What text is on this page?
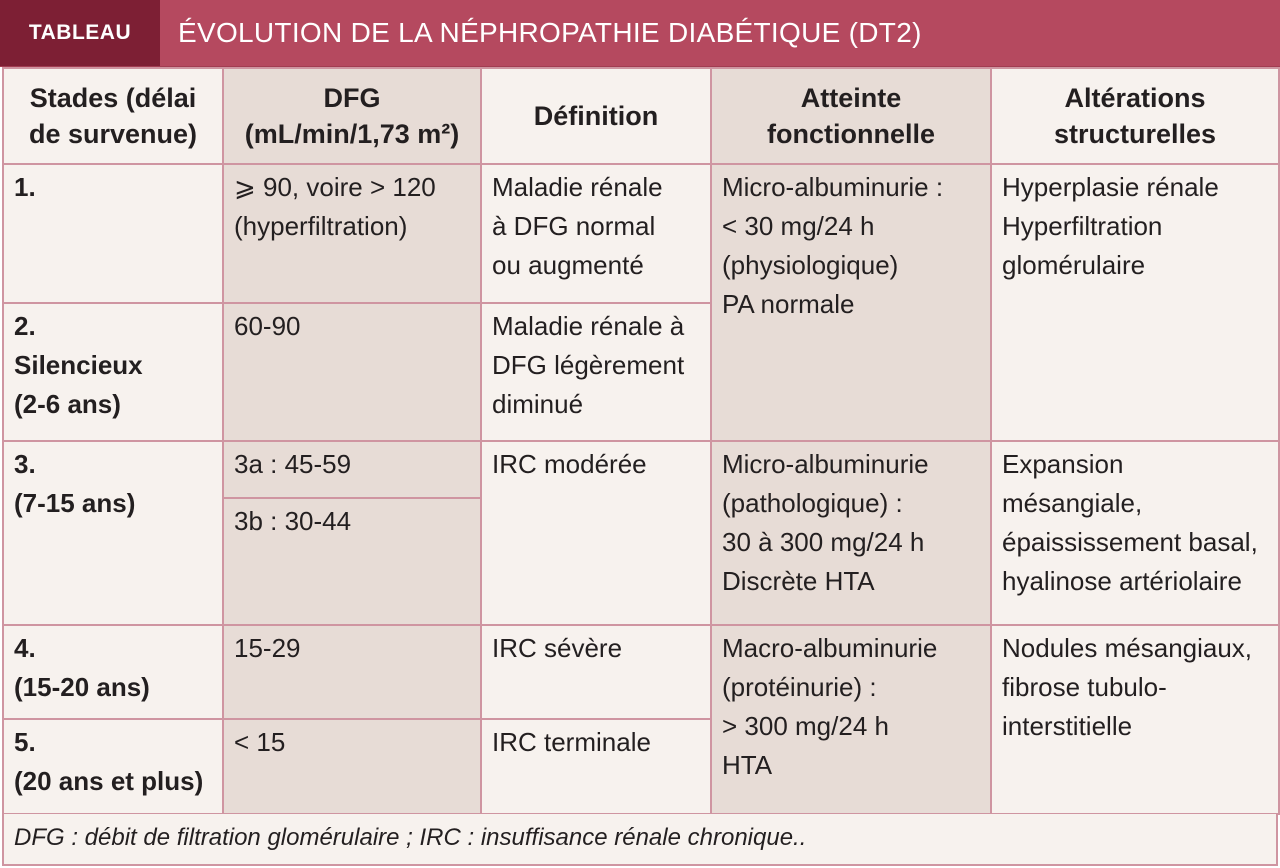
TABLEAU	ÉVOLUTION DE LA NÉPHROPATHIE DIABÉTIQUE (DT2)
Stades (délai
de survenue)	DFG
(mL/min/1,73 m²)	Définition	Atteinte
fonctionnelle	Altérations
structurelles

1.	⩾ 90, voire > 120
(hyperfiltration)	Maladie rénale
à DFG normal
ou augmenté	Micro-albuminurie :
< 30 mg/24 h
(physiologique)
PA normale	Hyperplasie rénale
Hyperfiltration
glomérulaire

2.
Silencieux
(2-6 ans)	60-90	Maladie rénale à
DFG légèrement
diminué		

3.
(7-15 ans)	3a : 45-59	IRC modérée	Micro-albuminurie
(pathologique) :
30 à 300 mg/24 h
Discrète HTA	Expansion
mésangiale,
épaississement basal,
hyalinose artériolaire

	3b : 30-44			

4.
(15-20 ans)	15-29	IRC sévère	Macro-albuminurie
(protéinurie) :
> 300 mg/24 h
HTA	Nodules mésangiaux,
fibrose tubulo-
interstitielle

5.
(20 ans et plus)	< 15	IRC terminale		
DFG : débit de filtration glomérulaire ; IRC : insuffisance rénale chronique..
